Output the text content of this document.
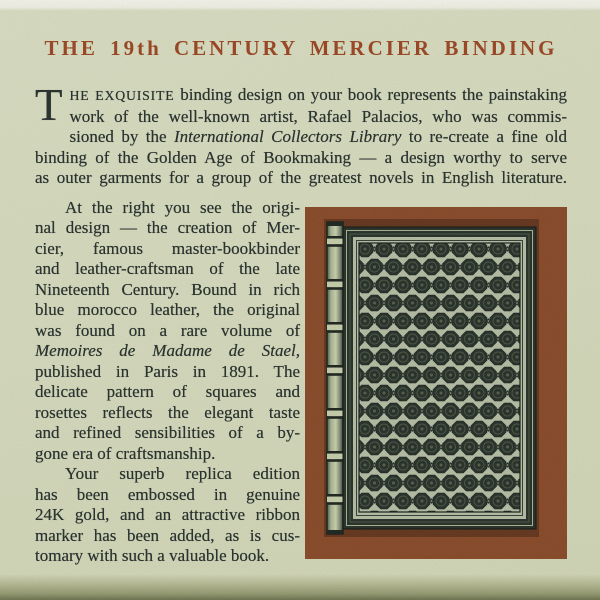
THE 19th CENTURY MERCIER BINDING
T HE EXQUISITE binding design on your book represents the painstaking
work of the well-known artist, Rafael Palacios, who was commis-
sioned by the International Collectors Library to re-create a fine old
binding of the Golden Age of Bookmaking — a design worthy to serve
as outer garments for a group of the greatest novels in English literature.
At the right you see the origi-
nal design — the creation of Mer-
cier, famous master-bookbinder
and leather-craftsman of the late
Nineteenth Century. Bound in rich
blue morocco leather, the original
was found on a rare volume of
Memoires de Madame de Stael,
published in Paris in 1891. The
delicate pattern of squares and
rosettes reflects the elegant taste
and refined sensibilities of a by-
gone era of craftsmanship.
Your superb replica edition
has been embossed in genuine
24K gold, and an attractive ribbon
marker has been added, as is cus-
tomary with such a valuable book.
